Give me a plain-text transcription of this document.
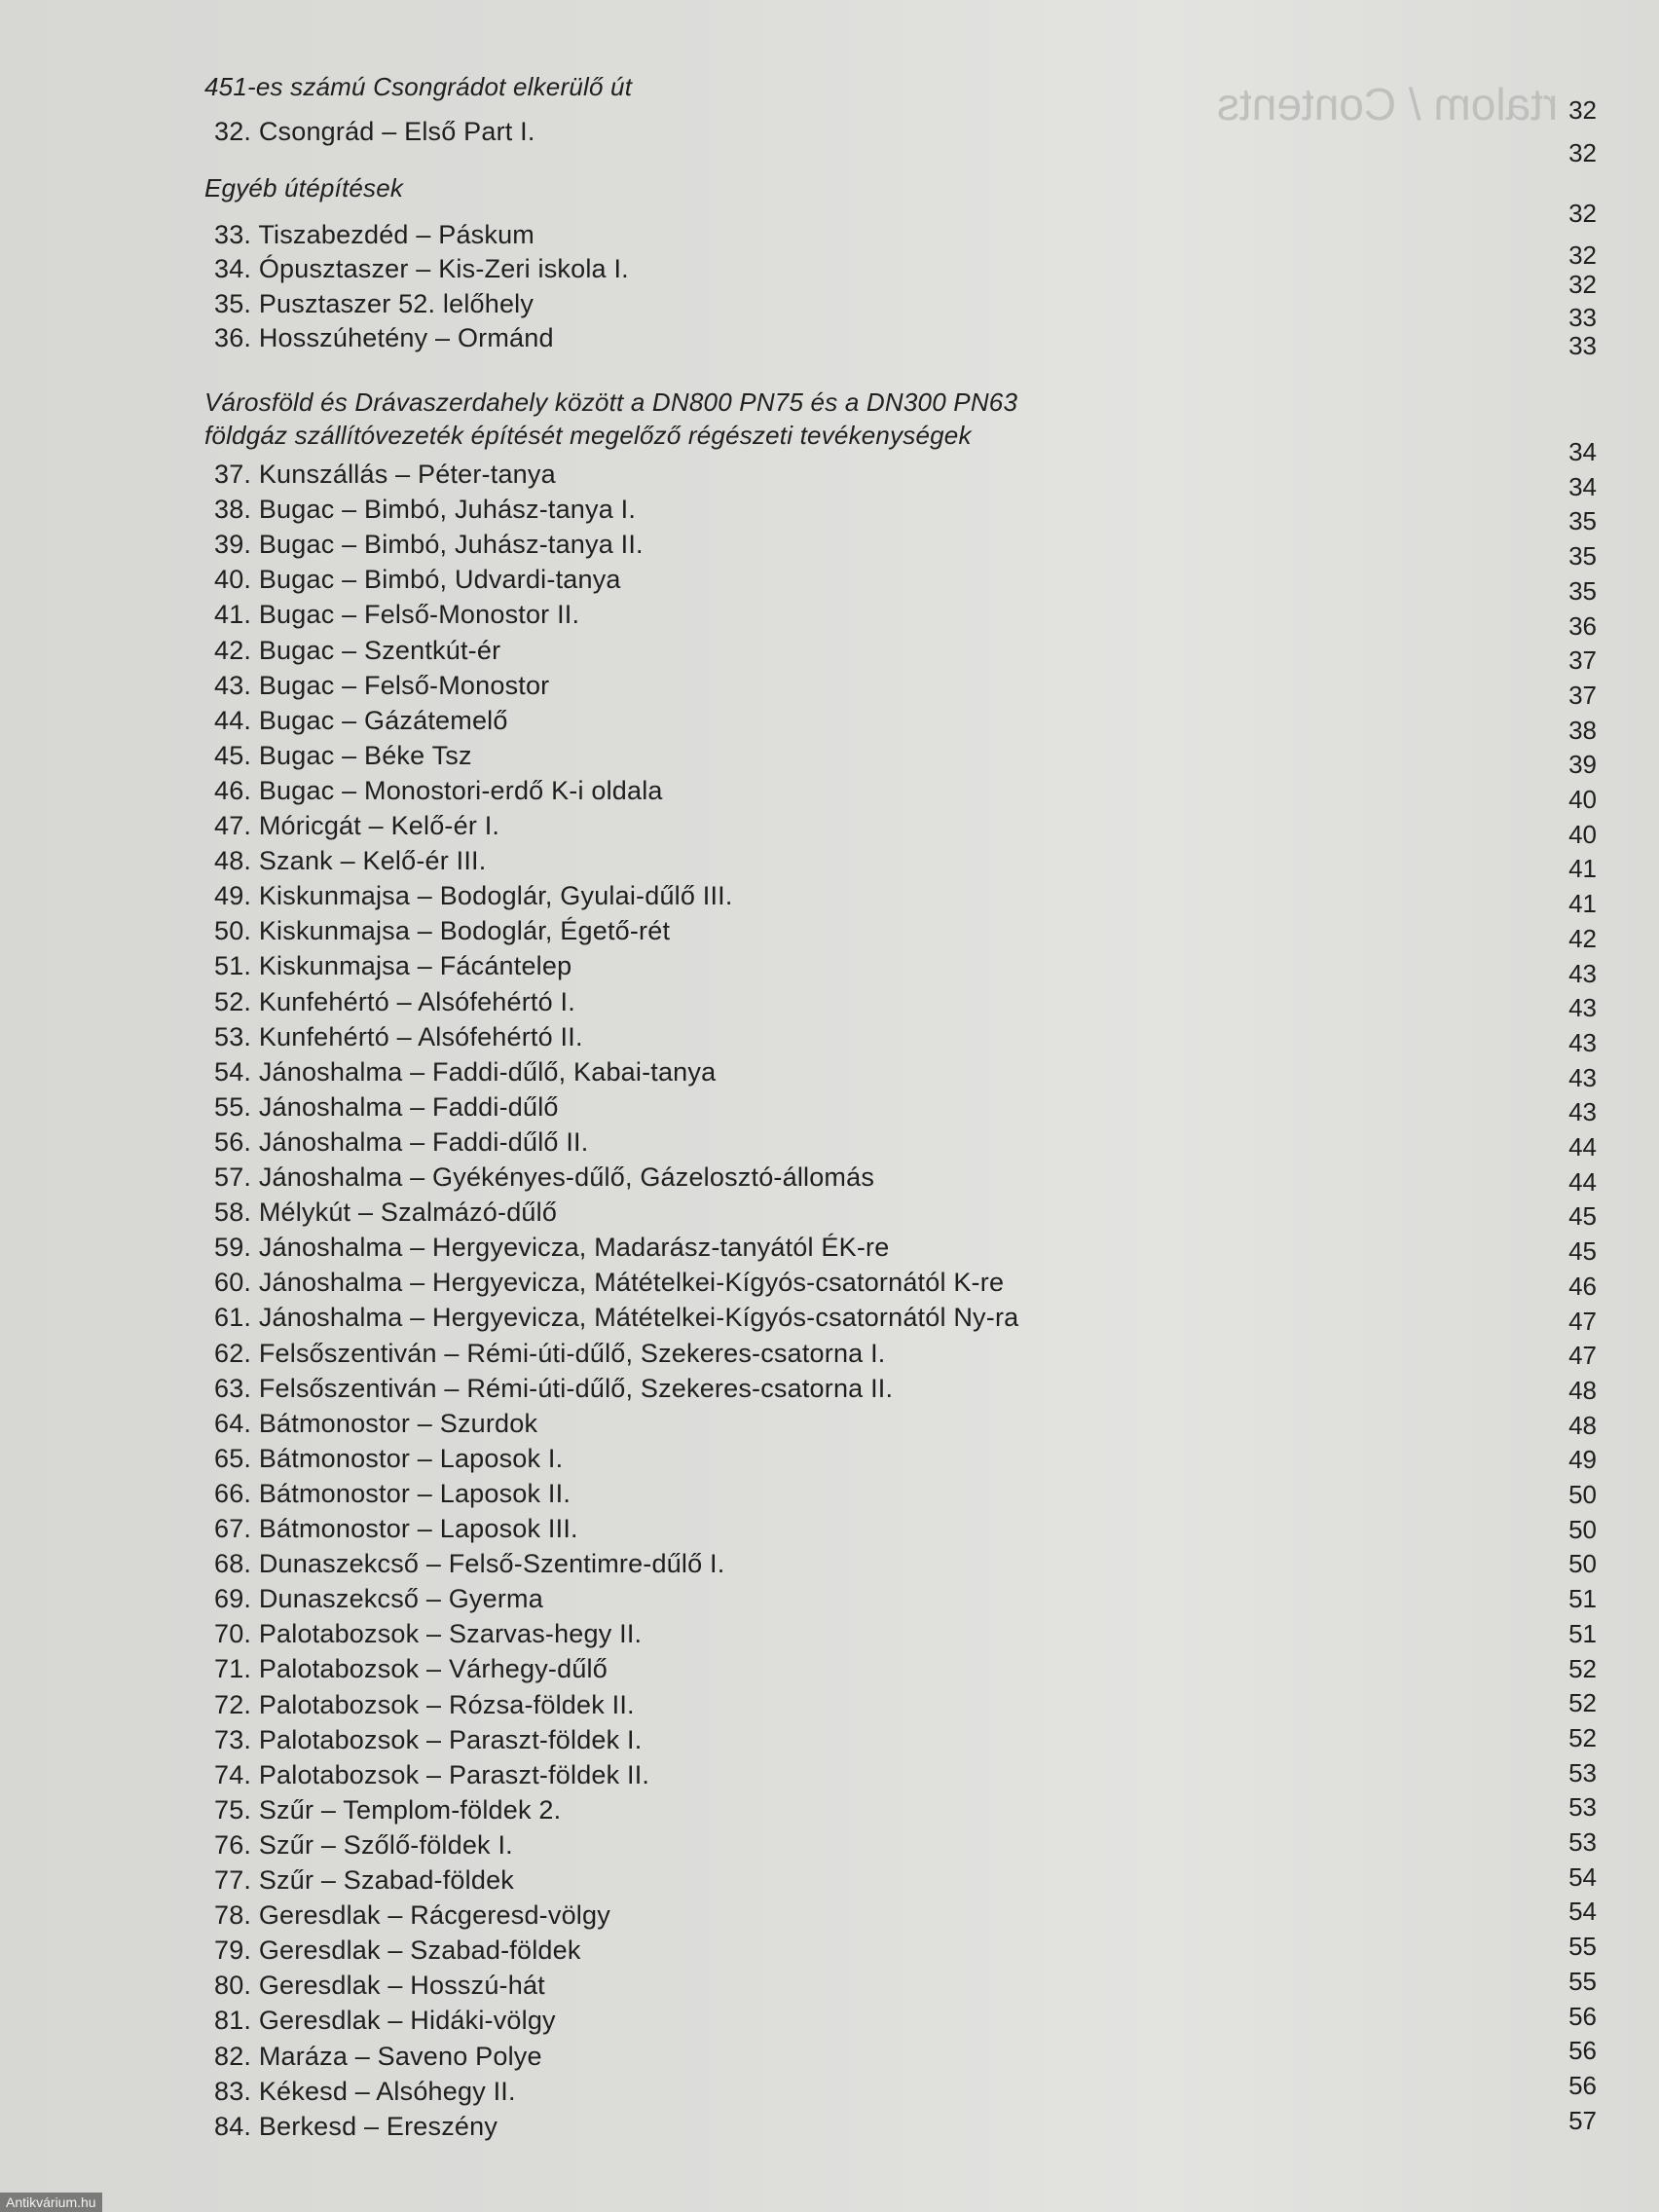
rtalom / Contents
451-es számú Csongrádot elkerülő út
Egyéb útépítések
Városföld és Drávaszerdahely között a DN800 PN75 és a DN300 PN63
földgáz szállítóvezeték építését megelőző régészeti tevékenységek
32. Csongrád – Első Part I.
33. Tiszabezdéd – Páskum
34. Ópusztaszer – Kis-Zeri iskola I.
35. Pusztaszer 52. lelőhely
36. Hosszúhetény – Ormánd
37. Kunszállás – Péter-tanya
38. Bugac – Bimbó, Juhász-tanya I.
39. Bugac – Bimbó, Juhász-tanya II.
40. Bugac – Bimbó, Udvardi-tanya
41. Bugac – Felső-Monostor II.
42. Bugac – Szentkút-ér
43. Bugac – Felső-Monostor
44. Bugac – Gázátemelő
45. Bugac – Béke Tsz
46. Bugac – Monostori-erdő K-i oldala
47. Móricgát – Kelő-ér I.
48. Szank – Kelő-ér III.
49. Kiskunmajsa – Bodoglár, Gyulai-dűlő III.
50. Kiskunmajsa – Bodoglár, Égető-rét
51. Kiskunmajsa – Fácántelep
52. Kunfehértó – Alsófehértó I.
53. Kunfehértó – Alsófehértó II.
54. Jánoshalma – Faddi-dűlő, Kabai-tanya
55. Jánoshalma – Faddi-dűlő
56. Jánoshalma – Faddi-dűlő II.
57. Jánoshalma – Gyékényes-dűlő, Gázelosztó-állomás
58. Mélykút – Szalmázó-dűlő
59. Jánoshalma – Hergyevicza, Madarász-tanyától ÉK-re
60. Jánoshalma – Hergyevicza, Mátételkei-Kígyós-csatornától K-re
61. Jánoshalma – Hergyevicza, Mátételkei-Kígyós-csatornától Ny-ra
62. Felsőszentiván – Rémi-úti-dűlő, Szekeres-csatorna I.
63. Felsőszentiván – Rémi-úti-dűlő, Szekeres-csatorna II.
64. Bátmonostor – Szurdok
65. Bátmonostor – Laposok I.
66. Bátmonostor – Laposok II.
67. Bátmonostor – Laposok III.
68. Dunaszekcső – Felső-Szentimre-dűlő I.
69. Dunaszekcső – Gyerma
70. Palotabozsok – Szarvas-hegy II.
71. Palotabozsok – Várhegy-dűlő
72. Palotabozsok – Rózsa-földek II.
73. Palotabozsok – Paraszt-földek I.
74. Palotabozsok – Paraszt-földek II.
75. Szűr – Templom-földek 2.
76. Szűr – Szőlő-földek I.
77. Szűr – Szabad-földek
78. Geresdlak – Rácgeresd-völgy
79. Geresdlak – Szabad-földek
80. Geresdlak – Hosszú-hát
81. Geresdlak – Hidáki-völgy
82. Maráza – Saveno Polye
83. Kékesd – Alsóhegy II.
84. Berkesd – Ereszény
32
32
32
32
32
33
33
34
34
35
35
35
36
37
37
38
39
40
40
41
41
42
43
43
43
43
43
44
44
45
45
46
47
47
48
48
49
50
50
50
51
51
52
52
52
53
53
53
54
54
55
55
56
56
56
57
Antikvárium.hu
